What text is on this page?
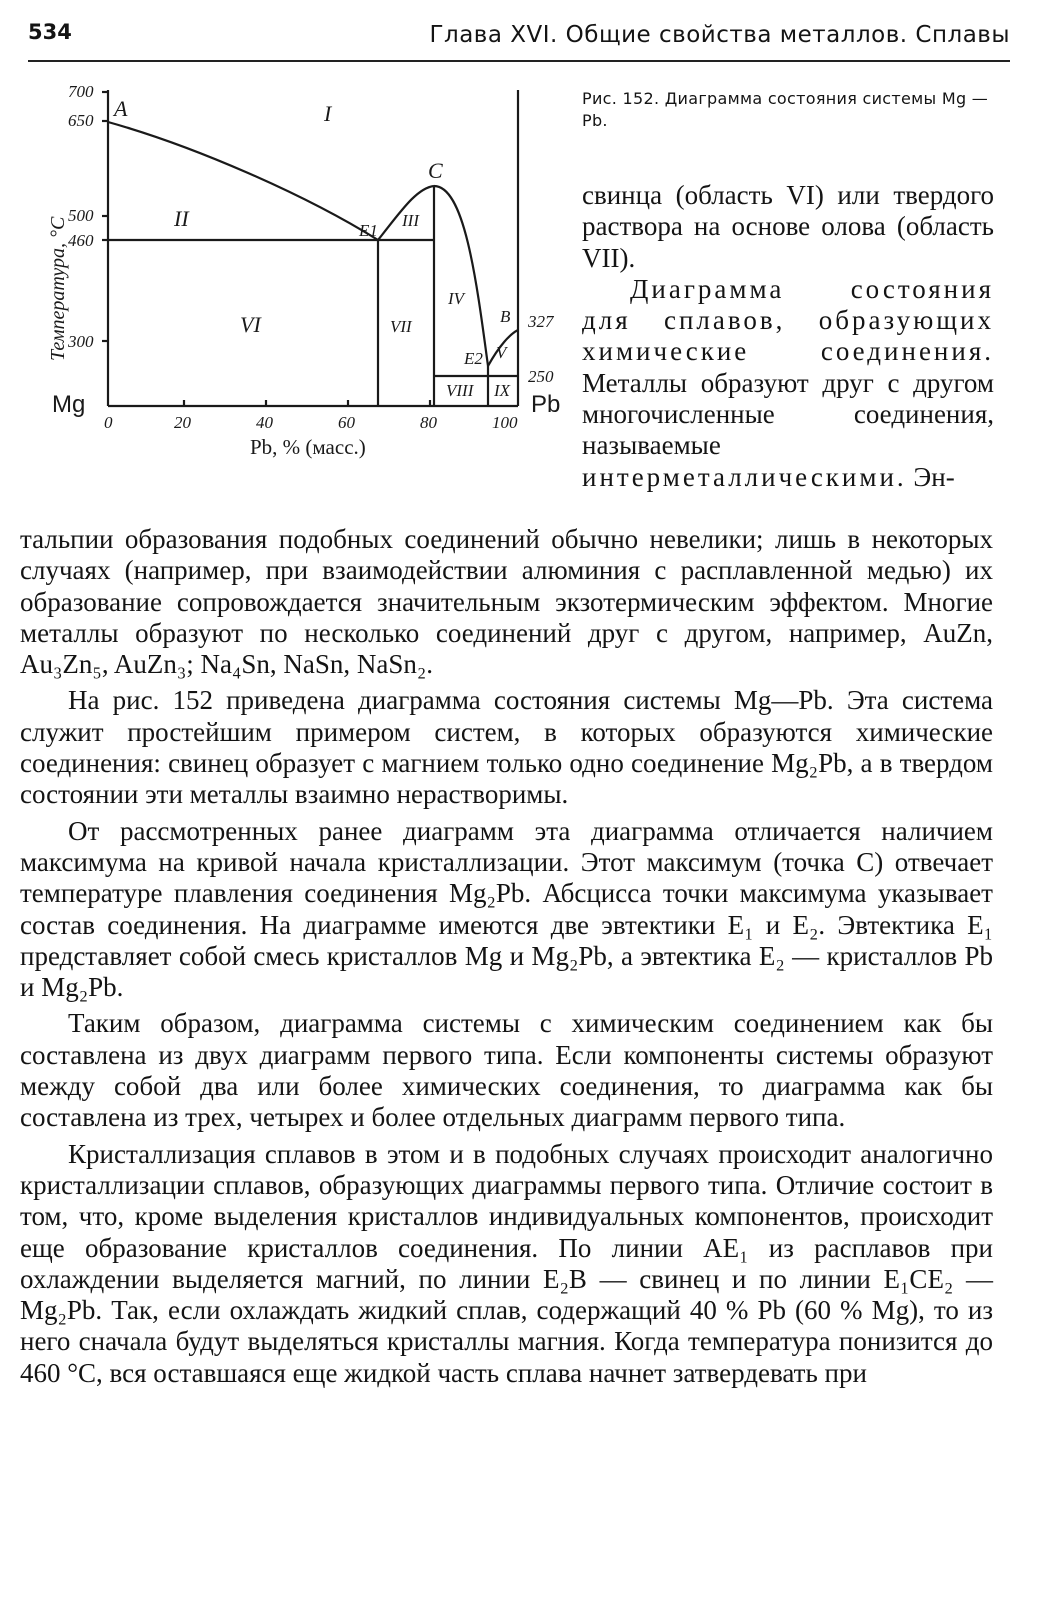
534	Глава XVI. Общие свойства металлов. Сплавы
700
650
500
460
300
Температура, °С
Mg	Pb
0	20	40	60	80	100
Pb, % (масс.)
327
250
A
B
C
E1
E2
I
II	III
IV
V
VI	VII
VIII IX
Рис. 152. Диаграмма состояния системы Mg — Pb.

свинца (область VI) или твердого раствора на основе олова (область VII).

Диаграмма состояния для сплавов, образующих химические соединения. Металлы образуют друг с другом многочисленные соединения, называемые интерметаллическими. Эн-

тальпии образования подобных соединений обычно невелики; лишь в некоторых случаях (например, при взаимодействии алюминия с расплавленной медью) их образование сопровождается значительным экзотермическим эффектом. Многие металлы образуют по несколько соединений друг с другом, например, AuZn, Au₃Zn₅, AuZn₃; Na₄Sn, NaSn, NaSn₂.

На рис. 152 приведена диаграмма состояния системы Mg—Pb. Эта система служит простейшим примером систем, в которых образуются химические соединения: свинец образует с магнием только одно соединение Mg₂Pb, а в твердом состоянии эти металлы взаимно нерастворимы.

От рассмотренных ранее диаграмм эта диаграмма отличается наличием максимума на кривой начала кристаллизации. Этот максимум (точка C) отвечает температуре плавления соединения Mg₂Pb. Абсцисса точки максимума указывает состав соединения. На диаграмме имеются две эвтектики E₁ и E₂. Эвтектика E₁ представляет собой смесь кристаллов Mg и Mg₂Pb, а эвтектика E₂ — кристаллов Pb и Mg₂Pb.

Таким образом, диаграмма системы с химическим соединением как бы составлена из двух диаграмм первого типа. Если компоненты системы образуют между собой два или более химических соединения, то диаграмма как бы составлена из трех, четырех и более отдельных диаграмм первого типа.

Кристаллизация сплавов в этом и в подобных случаях происходит аналогично кристаллизации сплавов, образующих диаграммы первого типа. Отличие состоит в том, что, кроме выделения кристаллов индивидуальных компонентов, происходит еще образование кристаллов соединения. По линии AE₁ из расплавов при охлаждении выделяется магний, по линии E₂B — свинец и по линии E₁CE₂ — Mg₂Pb. Так, если охлаждать жидкий сплав, содержащий 40 % Pb (60 % Mg), то из него сначала будут выделяться кристаллы магния. Когда температура понизится до 460 °С, вся оставшаяся еще жидкой часть сплава начнет затвердевать при
